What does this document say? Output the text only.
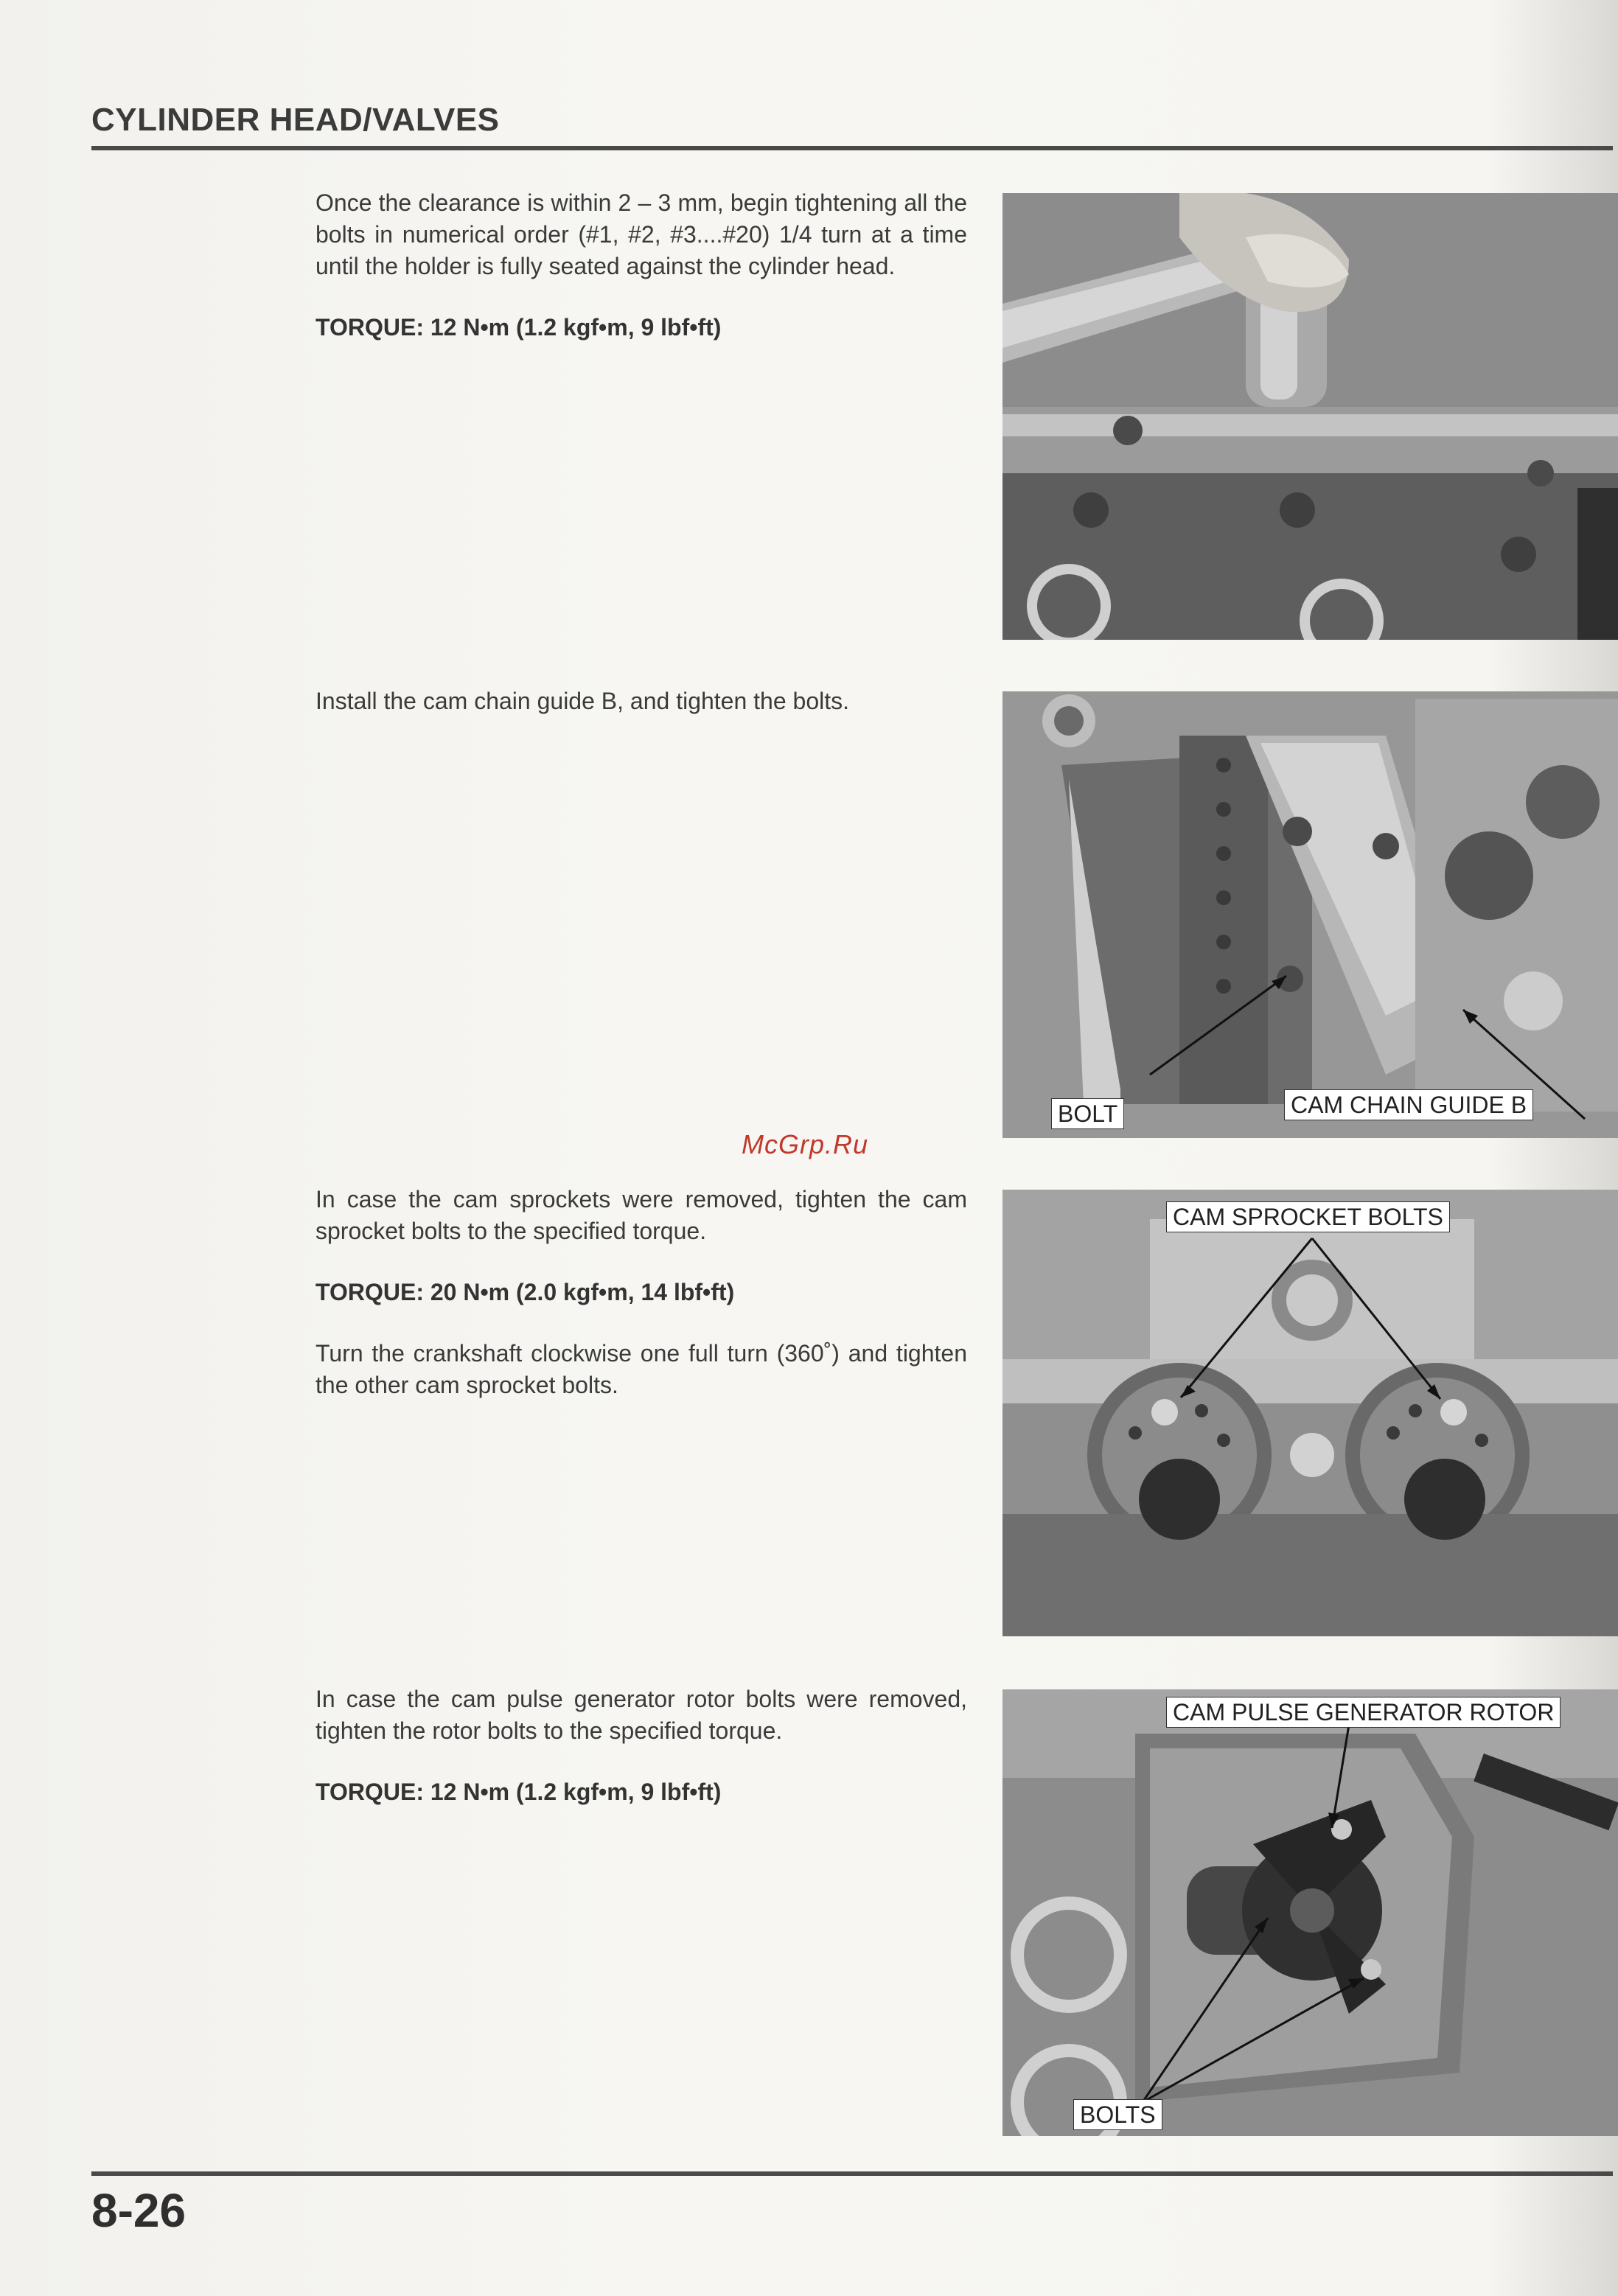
CYLINDER HEAD/VALVES

Once the clearance is within 2 – 3 mm, begin tightening all the bolts in numerical order (#1, #2, #3....#20) 1/4 turn at a time until the holder is fully seated against the cylinder head.

TORQUE: 12 N•m (1.2 kgf•m, 9 lbf•ft)

Install the cam chain guide B, and tighten the bolts.

BOLT	CAM CHAIN GUIDE B
McGrp.Ru

In case the cam sprockets were removed, tighten the cam sprocket bolts to the specified torque.

TORQUE: 20 N•m (2.0 kgf•m, 14 lbf•ft)

Turn the crankshaft clockwise one full turn (360˚) and tighten the other cam sprocket bolts.

CAM SPROCKET BOLTS

In case the cam pulse generator rotor bolts were removed, tighten the rotor bolts to the specified torque.

TORQUE: 12 N•m (1.2 kgf•m, 9 lbf•ft)

CAM PULSE GENERATOR ROTOR
BOLTS
8-26
